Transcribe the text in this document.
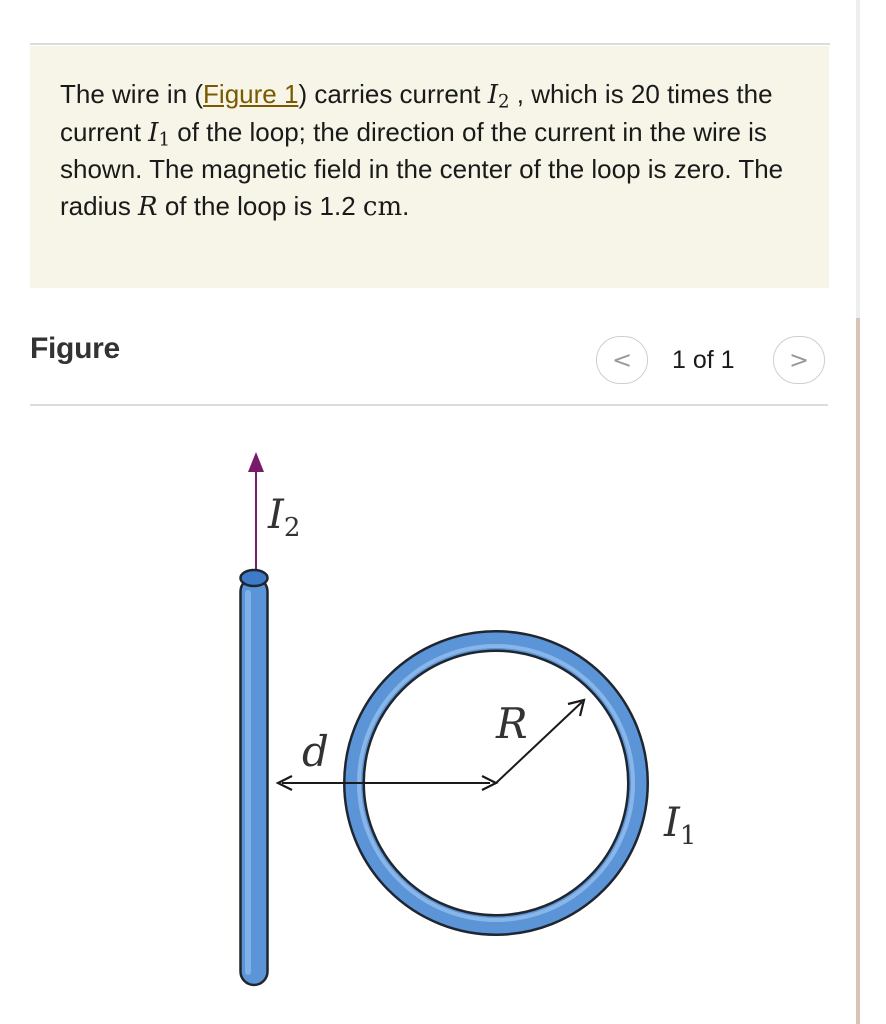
The wire in (Figure 1) carries current $I_2$ , which is 20 times the current $I_1$ of the loop; the direction of the current in the wire is shown. The magnetic field in the center of the loop is zero. The radius R of the loop is 1.2 cm.
Figure	< 1 of 1 >
$I_2$
d
R
$I_1$
